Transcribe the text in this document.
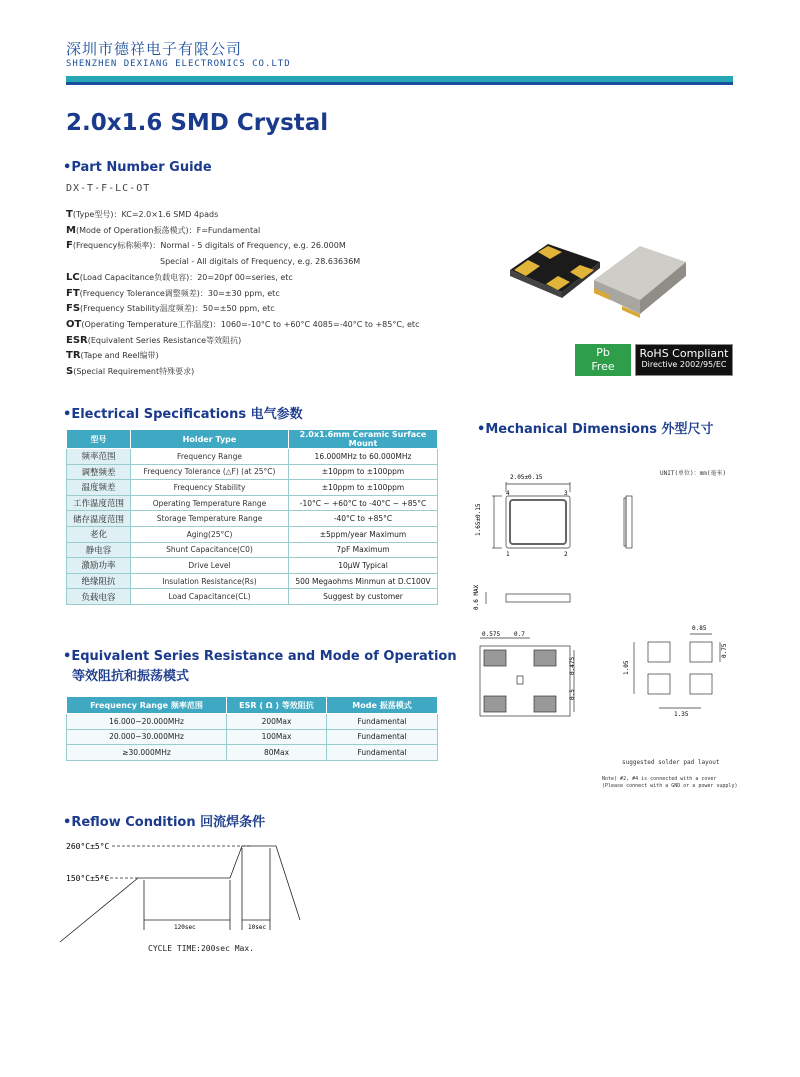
深圳市德祥电子有限公司
SHENZHEN DEXIANG ELECTRONICS CO.LTD
2.0x1.6 SMD Crystal
•Part Number Guide
DX-T-F-LC-OT
T(Type型号)：KC=2.0×1.6 SMD 4pads
M(Mode of Operation振荡模式)：F=Fundamental
F(Frequency标称频率)：Normal - 5 digitals of Frequency, e.g. 26.000M
Special - All digitals of Frequency, e.g. 28.63636M
LC(Load Capacitance负载电容)：20=20pf 00=series, etc
FT(Frequency Tolerance调整频差)：30=±30 ppm, etc
FS(Frequency Stability温度频差)：50=±50 ppm, etc
OT(Operating Temperature工作温度)：1060=-10°C to +60°C 4085=-40°C to +85°C, etc
ESR(Equivalent Series Resistance等效阻抗)
TR(Tape and Reel编带)
S(Special Requirement特殊要求)
Pb
Free
RoHS Compliant
Directive 2002/95/EC
•Electrical Specifications 电气参数
型号	Holder Type	2.0x1.6mm Ceramic Surface Mount
频率范围	Frequency Range	16.000MHz to 60.000MHz
调整频差	Frequency Tolerance (△F) (at 25°C)	±10ppm to ±100ppm
温度频差	Frequency Stability	±10ppm to ±100ppm
工作温度范围	Operating Temperature Range	-10°C ~ +60°C to -40°C ~ +85°C
储存温度范围	Storage Temperature Range	-40°C to +85°C
老化	Aging(25°C)	±5ppm/year Maximum
静电容	Shunt Capacitance(C0)	7pF Maximum
激励功率	Drive Level	10μW Typical
绝缘阻抗	Insulation Resistance(Rs)	500 Megaohms Minmun at D.C100V
负载电容	Load Capacitance(CL)	Suggest by customer
•Mechanical Dimensions 外型尺寸
UNIT(单位)：mm(毫米)
2.05±0.15
1.65±0.15
0.6 MAX
4	3
1	2
0.575 0.7
0.5
0.475
0.85
0.75
1.05
1.35
suggested solder pad layout
Note) #2, #4 is connected with a cover
(Please connect with a GND or a power supply)
•Equivalent Series Resistance and Mode of Operation
等效阻抗和振荡模式
Frequency Range 频率范围	ESR ( Ω ) 等效阻抗	Mode 振荡模式
16.000~20.000MHz	200Max	Fundamental
20.000~30.000MHz	100Max	Fundamental
≥30.000MHz	80Max	Fundamental
•Reflow Condition 回流焊条件
260°C±5°C
150°C±5°C
120sec	10sec
CYCLE TIME:200sec Max.
